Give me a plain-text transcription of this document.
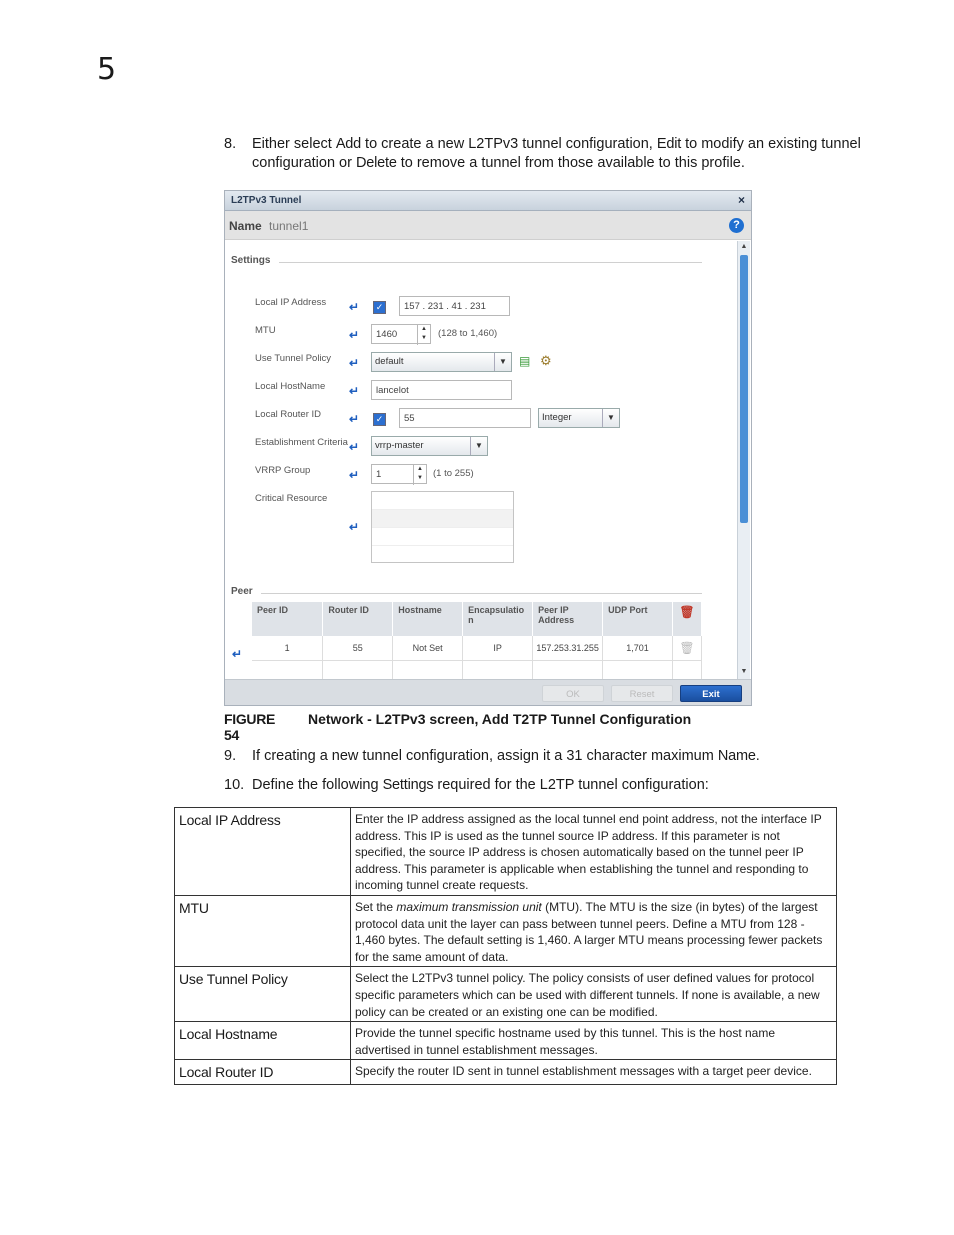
5
8. Either select Add to create a new L2TPv3 tunnel configuration, Edit to modify an existing tunnel configuration or Delete to remove a tunnel from those available to this profile.
L2TPv3 Tunnel	×
Name tunnel1	?
▲
▼
Settings
Local IP Address ↵	✓	157 . 231 . 41 . 231
MTU	↵	1460	▲
▼	(128 to 1,460)
Use Tunnel Policy ↵	default	▼	▤ ⚙
Local HostName ↵	lancelot
Local Router ID ↵	✓	55	Integer	▼
Establishment Criteria ↵	vrrp-master	▼
VRRP Group	↵	1	▲
▼	(1 to 255)
Critical Resource
↵
Peer
↵
Peer ID	Router ID	Hostname	Encapsulatio n	Peer IP Address	UDP Port	🗑
1	55	Not Set	IP	157.253.31.255	1,701	🗑

OK	Reset	Exit
FIGURE 54
Network - L2TPv3 screen, Add T2TP Tunnel Configuration
9. If creating a new tunnel configuration, assign it a 31 character maximum Name.
10. Define the following Settings required for the L2TP tunnel configuration:
Local IP Address	Enter the IP address assigned as the local tunnel end point address, not the interface IP address. This IP is used as the tunnel source IP address. If this parameter is not specified, the source IP address is chosen automatically based on the tunnel peer IP address. This parameter is applicable when establishing the tunnel and responding to incoming tunnel create requests.
MTU	Set the maximum transmission unit (MTU). The MTU is the size (in bytes) of the largest protocol data unit the layer can pass between tunnel peers. Define a MTU from 128 - 1,460 bytes. The default setting is 1,460. A larger MTU means processing fewer packets for the same amount of data.
Use Tunnel Policy	Select the L2TPv3 tunnel policy. The policy consists of user defined values for protocol specific parameters which can be used with different tunnels. If none is available, a new policy can be created or an existing one can be modified.
Local Hostname	Provide the tunnel specific hostname used by this tunnel. This is the host name advertised in tunnel establishment messages.
Local Router ID	Specify the router ID sent in tunnel establishment messages with a target peer device.
